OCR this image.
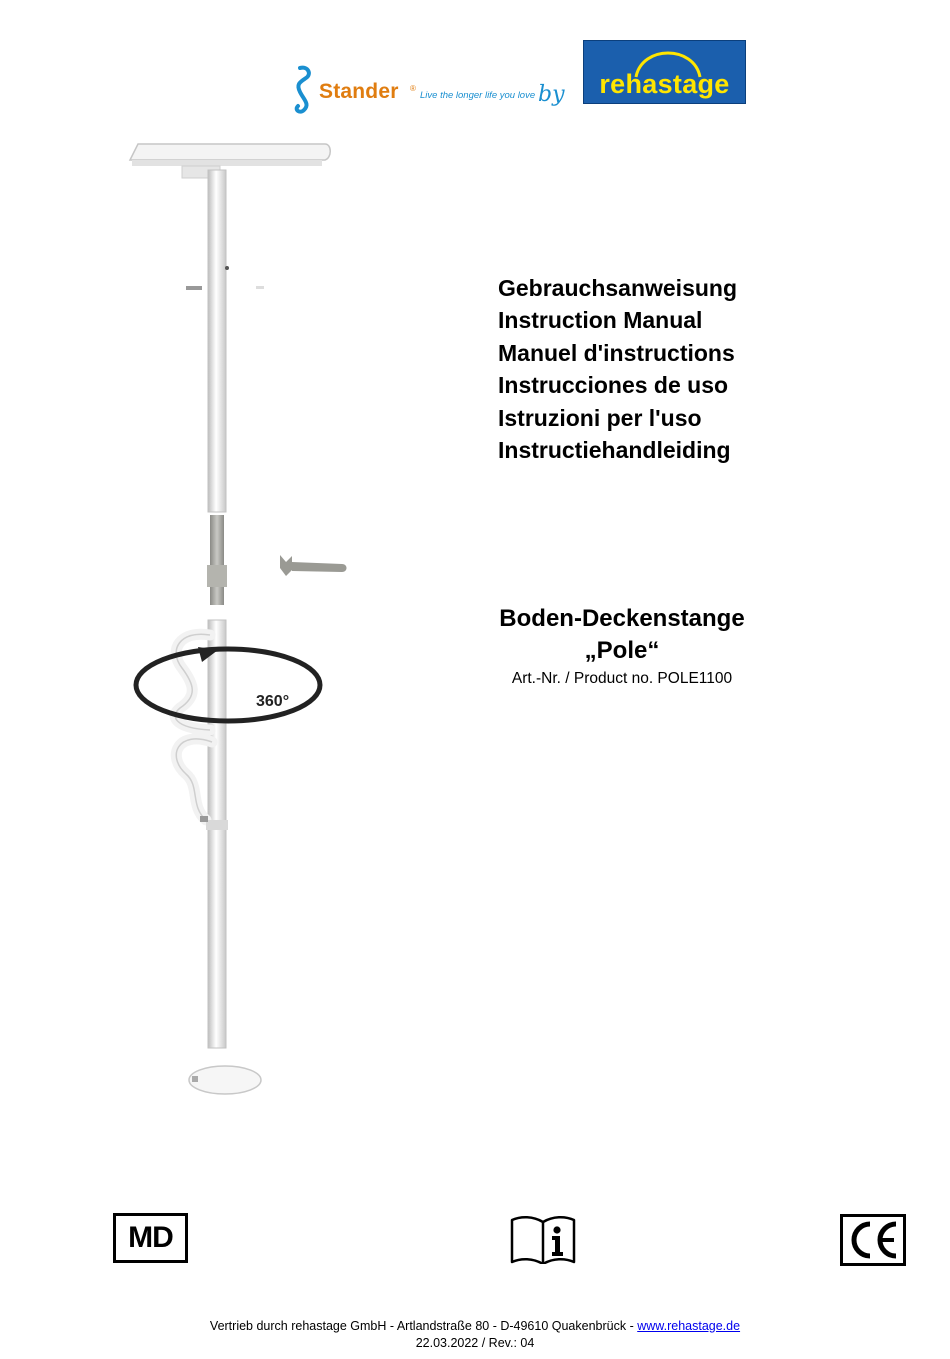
Stander ®
Live the longer life you love by	rehastage
360°
Gebrauchsanweisung
Instruction Manual
Manuel d'instructions
Instrucciones de uso
Istruzioni per l'uso
Instructiehandleiding
Boden-Deckenstange
„Pole“
Art.-Nr. / Product no. POLE1100
MD
Vertrieb durch rehastage GmbH - Artlandstraße 80 - D-49610 Quakenbrück - www.rehastage.de
22.03.2022 / Rev.: 04
